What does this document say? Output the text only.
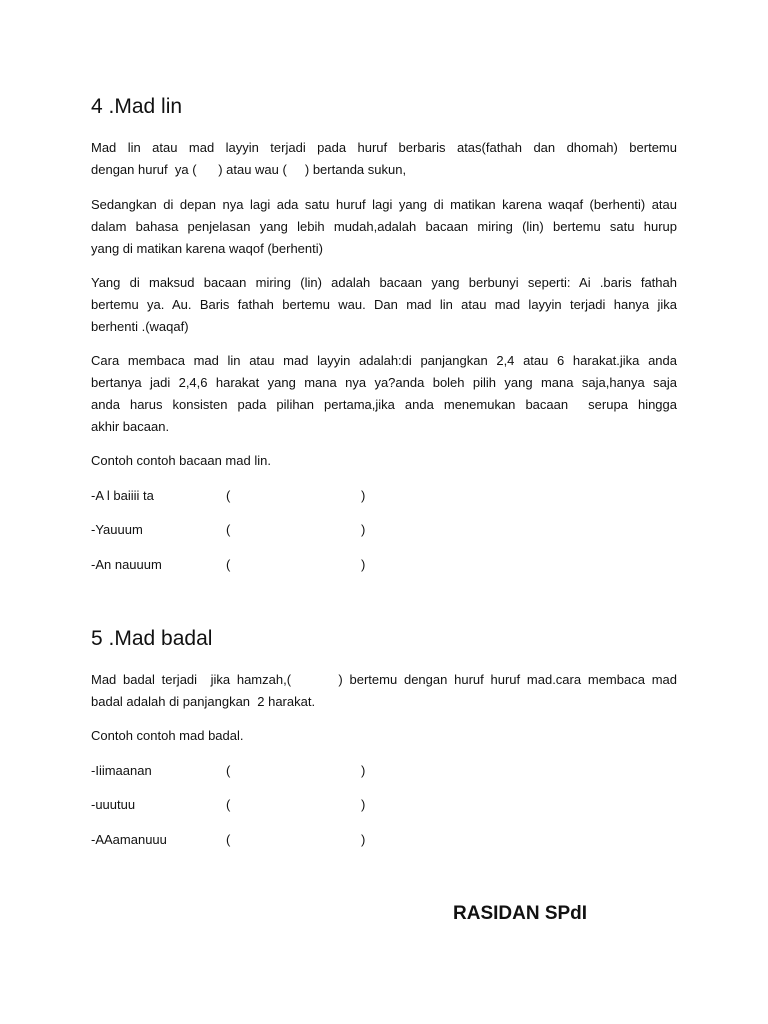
4 .Mad lin
Mad lin atau mad layyin terjadi pada huruf berbaris atas(fathah dan dhomah) bertemu
dengan huruf  ya (      ) atau wau (     ) bertanda sukun,
Sedangkan di depan nya lagi ada satu huruf lagi yang di matikan karena waqaf (berhenti) atau
dalam bahasa penjelasan yang lebih mudah,adalah bacaan miring (lin) bertemu satu hurup
yang di matikan karena waqof (berhenti)
Yang di maksud bacaan miring (lin) adalah bacaan yang berbunyi seperti: Ai .baris fathah
bertemu ya. Au. Baris fathah bertemu wau. Dan mad lin atau mad layyin terjadi hanya jika
berhenti .(waqaf)
Cara membaca mad lin atau mad layyin adalah:di panjangkan 2,4 atau 6 harakat.jika anda
bertanya jadi 2,4,6 harakat yang mana nya ya?anda boleh pilih yang mana saja,hanya saja
anda harus konsisten pada pilihan pertama,jika anda menemukan bacaan  serupa hingga
akhir bacaan.
Contoh contoh bacaan mad lin.
-A l baiiii ta	(	)
-Yauuum	(	)
-An nauuum	(	)
5 .Mad badal
Mad badal terjadi  jika hamzah,(       ) bertemu dengan huruf huruf mad.cara membaca mad
badal adalah di panjangkan  2 harakat.
Contoh contoh mad badal.
-Iiimaanan	(	)
-uuutuu	(	)
-AAamanuuu	(	)
RASIDAN SPdI
